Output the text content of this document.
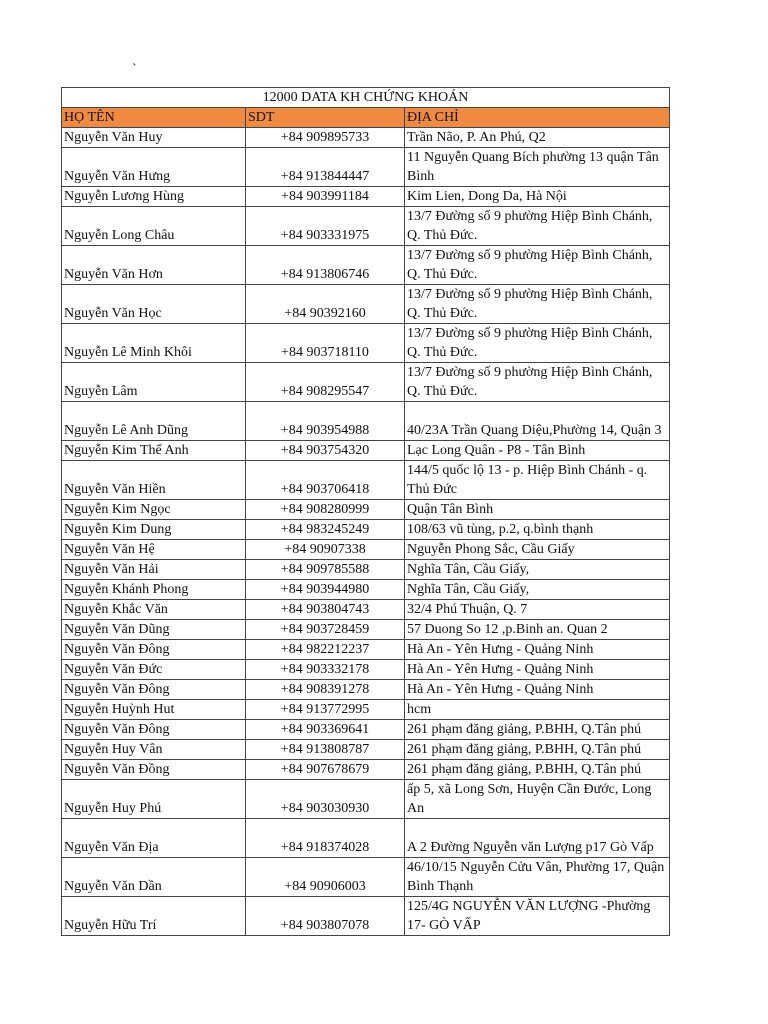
`
12000 DATA KH CHỨNG KHOÁN		
HỌ TÊN	SDT	ĐỊA CHỈ
Nguyễn Văn Huy	+84 909895733	Trần Não, P. An Phú, Q2
Nguyễn Văn Hưng	+84 913844447	11 Nguyễn Quang Bích phường 13 quận Tân Bình
Nguyễn Lương Hùng	+84 903991184	Kim Lien, Dong Da, Hà Nội
Nguyễn Long Châu	+84 903331975	13/7 Đường số 9 phường Hiệp Bình Chánh, Q. Thủ Đức.
Nguyễn Văn Hơn	+84 913806746	13/7 Đường số 9 phường Hiệp Bình Chánh, Q. Thủ Đức.
Nguyễn Văn Học	+84 90392160	13/7 Đường số 9 phường Hiệp Bình Chánh, Q. Thủ Đức.
Nguyễn Lê Minh Khôi	+84 903718110	13/7 Đường số 9 phường Hiệp Bình Chánh, Q. Thủ Đức.
Nguyễn Lâm	+84 908295547	13/7 Đường số 9 phường Hiệp Bình Chánh, Q. Thủ Đức.
Nguyễn Lê Anh Dũng	+84 903954988	40/23A Trần Quang Diệu,Phường 14, Quận 3
Nguyễn Kim Thế Anh	+84 903754320	Lạc Long Quân - P8 - Tân Bình
Nguyễn Văn Hiền	+84 903706418	144/5 quốc lộ 13 - p. Hiệp Bình Chánh - q. Thủ Đức
Nguyễn Kim Ngọc	+84 908280999	Quận Tân Bình
Nguyễn Kim Dung	+84 983245249	108/63 vũ tùng, p.2, q.bình thạnh
Nguyễn Văn Hệ	+84 90907338	Nguyễn Phong Sắc, Cầu Giấy
Nguyễn Văn Hải	+84 909785588	Nghĩa Tân, Cầu Giấy,
Nguyễn Khánh Phong	+84 903944980	Nghĩa Tân, Cầu Giấy,
Nguyễn Khắc Văn	+84 903804743	32/4 Phú Thuận, Q. 7
Nguyễn Văn Dũng	+84 903728459	57 Duong So 12 ,p.Binh an. Quan 2
Nguyễn Văn Đông	+84 982212237	Hà An - Yên Hưng - Quảng Ninh
Nguyễn Văn Đức	+84 903332178	Hà An - Yên Hưng - Quảng Ninh
Nguyễn Văn Đông	+84 908391278	Hà An - Yên Hưng - Quảng Ninh
Nguyễn Huỳnh Hut	+84 913772995	hcm
Nguyễn Văn Đông	+84 903369641	261 phạm đăng giảng, P.BHH, Q.Tân phú
Nguyễn Huy Vân	+84 913808787	261 phạm đăng giảng, P.BHH, Q.Tân phú
Nguyễn Văn Đồng	+84 907678679	261 phạm đăng giảng, P.BHH, Q.Tân phú
Nguyễn Huy Phú	+84 903030930	ấp 5, xã Long Sơn, Huyện Cần Đước, Long An
Nguyễn Văn Địa	+84 918374028	A 2 Đường Nguyễn văn Lượng p17 Gò Vấp
Nguyễn Văn Dần	+84 90906003	46/10/15 Nguyễn Cửu Vân, Phường 17, Quận Bình Thạnh
Nguyễn Hữu Trí	+84 903807078	125/4G NGUYỄN VĂN LƯỢNG -Phường 17- GÒ VẤP
